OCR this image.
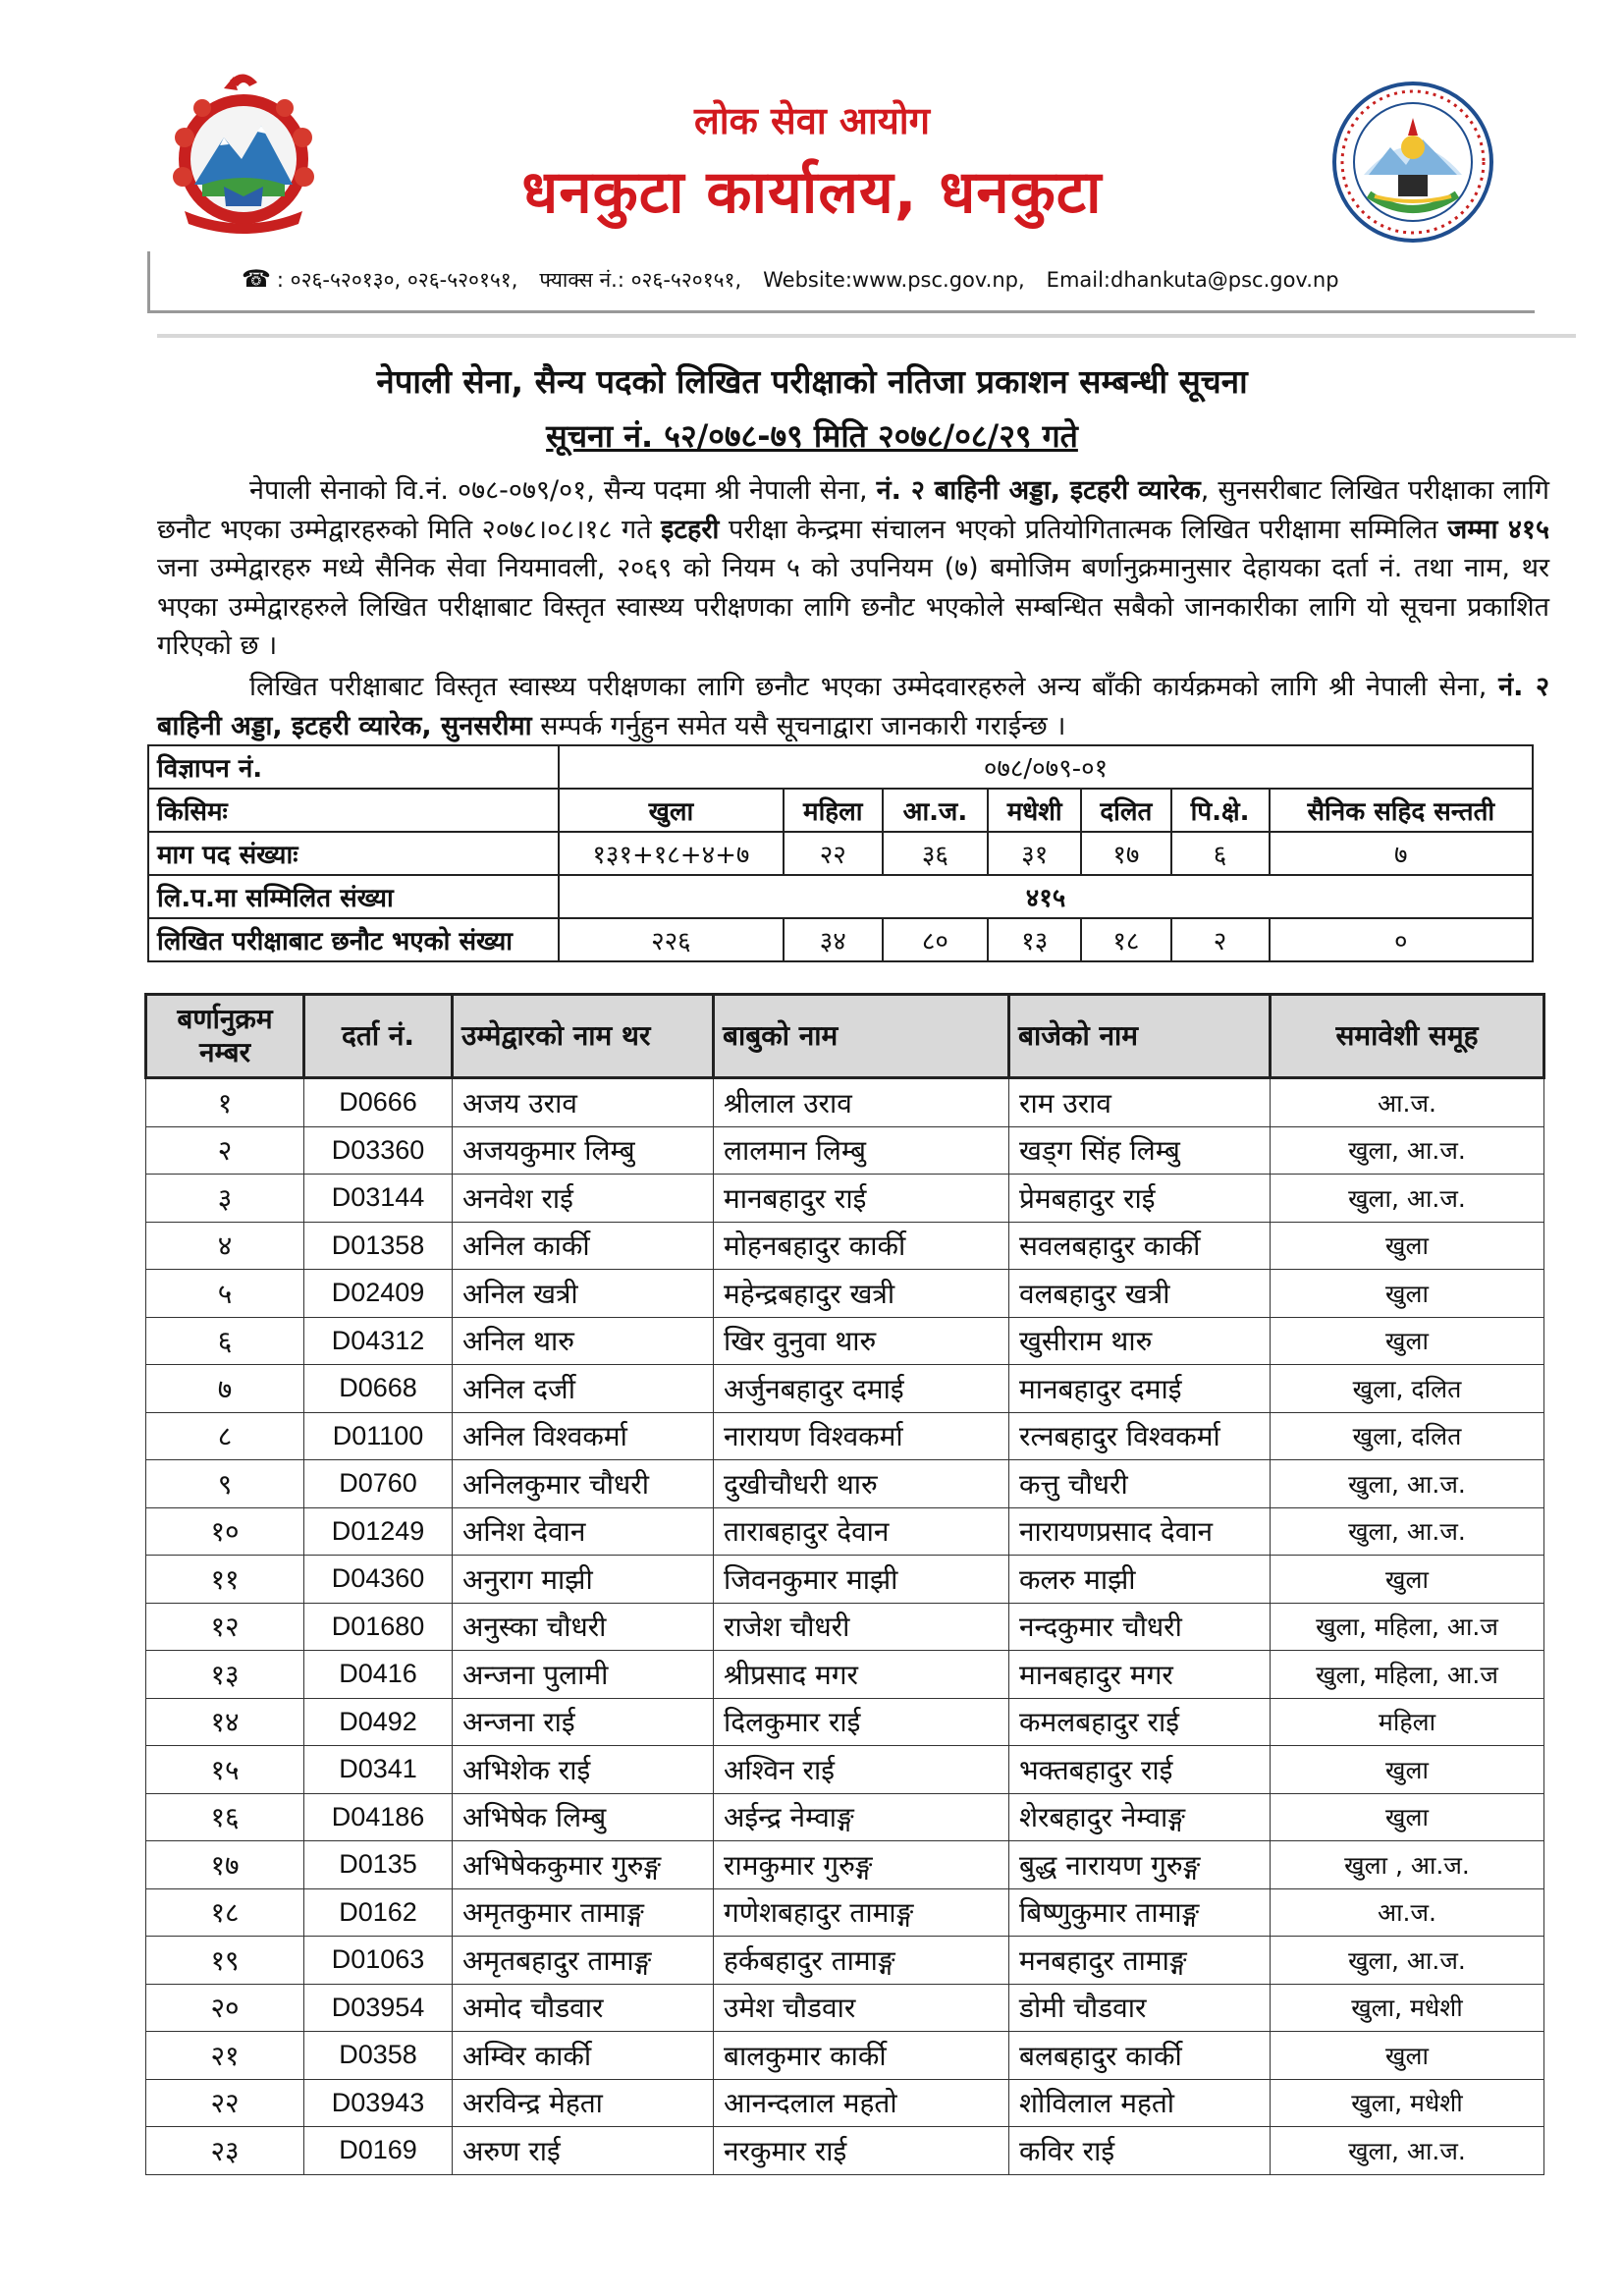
लोक सेवा आयोग
धनकुटा कार्यालय, धनकुटा
☎ : ०२६-५२०१३०, ०२६-५२०१५१, फ्याक्स नं.: ०२६-५२०१५१, Website:www.psc.gov.np, Email:dhankuta@psc.gov.np
नेपाली सेना, सैन्य पदको लिखित परीक्षाको नतिजा प्रकाशन सम्बन्धी सूचना
सूचना नं. ५२/०७८-७९ मिति २०७८/०८/२९ गते
नेपाली सेनाको वि.नं. ०७८-०७९/०१, सैन्य पदमा श्री नेपाली सेना, नं. २ बाहिनी अड्डा, इटहरी व्यारेक, सुनसरीबाट लिखित परीक्षाका लागि छनौट भएका उम्मेद्वारहरुको मिति २०७८।०८।१८ गते इटहरी परीक्षा केन्द्रमा संचालन भएको प्रतियोगितात्मक लिखित परीक्षामा सम्मिलित जम्मा ४१५ जना उम्मेद्वारहरु मध्ये सैनिक सेवा नियमावली, २०६९ को नियम ५ को उपनियम (७) बमोजिम बर्णानुक्रमानुसार देहायका दर्ता नं. तथा नाम, थर भएका उम्मेद्वारहरुले लिखित परीक्षाबाट विस्तृत स्वास्थ्य परीक्षणका लागि छनौट भएकोले सम्बन्धित सबैको जानकारीका लागि यो सूचना प्रकाशित गरिएको छ ।
लिखित परीक्षाबाट विस्तृत स्वास्थ्य परीक्षणका लागि छनौट भएका उम्मेदवारहरुले अन्य बाँकी कार्यक्रमको लागि श्री नेपाली सेना, नं. २ बाहिनी अड्डा, इटहरी व्यारेक, सुनसरीमा सम्पर्क गर्नुहुन समेत यसै सूचनाद्वारा जानकारी गराईन्छ ।
विज्ञापन नं.	०७८/०७९-०१						
किसिमः	खुला	महिला	आ.ज.	मधेशी	दलित	पि.क्षे.	सैनिक सहिद सन्तती
माग पद संख्याः	१३१+१८+४+७	२२	३६	३१	१७	६	७
लि.प.मा सम्मिलित संख्या	४१५						
लिखित परीक्षाबाट छनौट भएको संख्या	२२६	३४	८०	१३	१८	२	०
बर्णानुक्रम नम्बर	दर्ता नं.	उम्मेद्वारको नाम थर	बाबुको नाम	बाजेको नाम	समावेशी समूह
१	D0666	अजय उराव	श्रीलाल उराव	राम उराव	आ.ज.
२	D03360	अजयकुमार लिम्बु	लालमान लिम्बु	खड्ग सिंह लिम्बु	खुला, आ.ज.
३	D03144	अनवेश राई	मानबहादुर राई	प्रेमबहादुर राई	खुला, आ.ज.
४	D01358	अनिल कार्की	मोहनबहादुर कार्की	सवलबहादुर कार्की	खुला
५	D02409	अनिल खत्री	महेन्द्रबहादुर खत्री	वलबहादुर खत्री	खुला
६	D04312	अनिल थारु	खिर वुनुवा थारु	खुसीराम थारु	खुला
७	D0668	अनिल दर्जी	अर्जुनबहादुर दमाई	मानबहादुर दमाई	खुला, दलित
८	D01100	अनिल विश्वकर्मा	नारायण विश्वकर्मा	रत्नबहादुर विश्वकर्मा	खुला, दलित
९	D0760	अनिलकुमार चौधरी	दुखीचौधरी थारु	कत्तु चौधरी	खुला, आ.ज.
१०	D01249	अनिश देवान	ताराबहादुर देवान	नारायणप्रसाद देवान	खुला, आ.ज.
११	D04360	अनुराग माझी	जिवनकुमार माझी	कलरु माझी	खुला
१२	D01680	अनुस्का चौधरी	राजेश चौधरी	नन्दकुमार चौधरी	खुला, महिला, आ.ज
१३	D0416	अन्जना पुलामी	श्रीप्रसाद मगर	मानबहादुर मगर	खुला, महिला, आ.ज
१४	D0492	अन्जना राई	दिलकुमार राई	कमलबहादुर राई	महिला
१५	D0341	अभिशेक राई	अश्विन राई	भक्तबहादुर राई	खुला
१६	D04186	अभिषेक लिम्बु	अईन्द्र नेम्वाङ्ग	शेरबहादुर नेम्वाङ्ग	खुला
१७	D0135	अभिषेककुमार गुरुङ्ग	रामकुमार गुरुङ्ग	बुद्ध नारायण गुरुङ्ग	खुला , आ.ज.
१८	D0162	अमृतकुमार तामाङ्ग	गणेशबहादुर तामाङ्ग	बिष्णुकुमार तामाङ्ग	आ.ज.
१९	D01063	अमृतबहादुर तामाङ्ग	हर्कबहादुर तामाङ्ग	मनबहादुर तामाङ्ग	खुला, आ.ज.
२०	D03954	अमोद चौडवार	उमेश चौडवार	डोमी चौडवार	खुला, मधेशी
२१	D0358	अम्विर कार्की	बालकुमार कार्की	बलबहादुर कार्की	खुला
२२	D03943	अरविन्द्र मेहता	आनन्दलाल महतो	शोविलाल महतो	खुला, मधेशी
२३	D0169	अरुण राई	नरकुमार राई	कविर राई	खुला, आ.ज.
